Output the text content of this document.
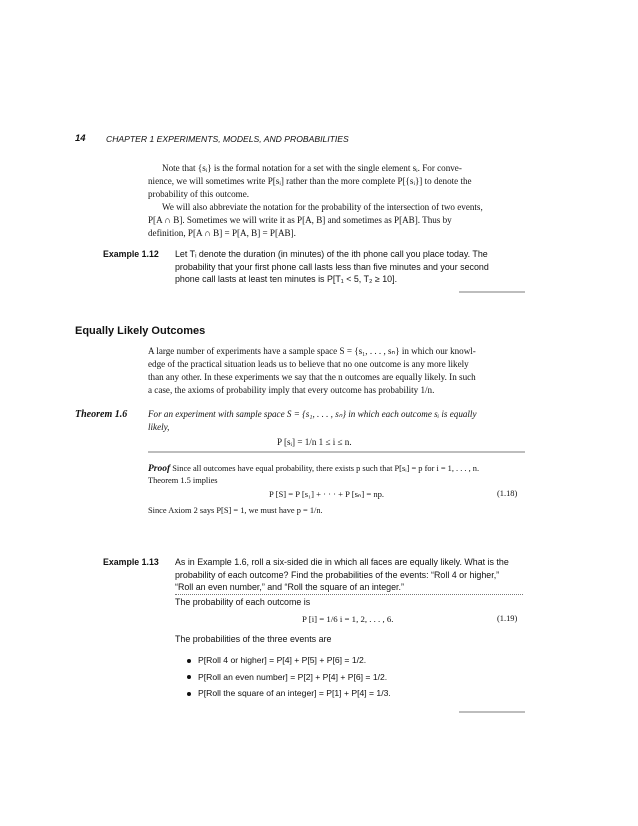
14 CHAPTER 1 EXPERIMENTS, MODELS, AND PROBABILITIES
Note that {sᵢ} is the formal notation for a set with the single element sᵢ. For conve-
nience, we will sometimes write P[sᵢ] rather than the more complete P[{sᵢ}] to denote the
probability of this outcome.
We will also abbreviate the notation for the probability of the intersection of two events,
P[A ∩ B]. Sometimes we will write it as P[A, B] and sometimes as P[AB]. Thus by
definition, P[A ∩ B] = P[A, B] = P[AB].
Example 1.12 Let Tᵢ denote the duration (in minutes) of the ith phone call you place today. The
probability that your first phone call lasts less than five minutes and your second
phone call lasts at least ten minutes is P[T₁ < 5, T₂ ≥ 10].
Equally Likely Outcomes
A large number of experiments have a sample space S = {s₁, . . . , sₙ} in which our knowl-
edge of the practical situation leads us to believe that no one outcome is any more likely
than any other. In these experiments we say that the n outcomes are equally likely. In such
a case, the axioms of probability imply that every outcome has probability 1/n.
Theorem 1.6 For an experiment with sample space S = {s₁, . . . , sₙ} in which each outcome sᵢ is equally
likely,
P [sᵢ] = 1/n 1 ≤ i ≤ n.
Proof Since all outcomes have equal probability, there exists p such that P[sᵢ] = p for i = 1, . . . , n.
Theorem 1.5 implies
P [S] = P [s₁] + · · · + P [sₙ] = np.	(1.18)
Since Axiom 2 says P[S] = 1, we must have p = 1/n.
Example 1.13 As in Example 1.6, roll a six-sided die in which all faces are equally likely. What is the
probability of each outcome? Find the probabilities of the events: “Roll 4 or higher,”
“Roll an even number,” and “Roll the square of an integer.”
The probability of each outcome is
P [i] = 1/6 i = 1, 2, . . . , 6.	(1.19)
The probabilities of the three events are
P[Roll 4 or higher] = P[4] + P[5] + P[6] = 1/2.
P[Roll an even number] = P[2] + P[4] + P[6] = 1/2.
P[Roll the square of an integer] = P[1] + P[4] = 1/3.
